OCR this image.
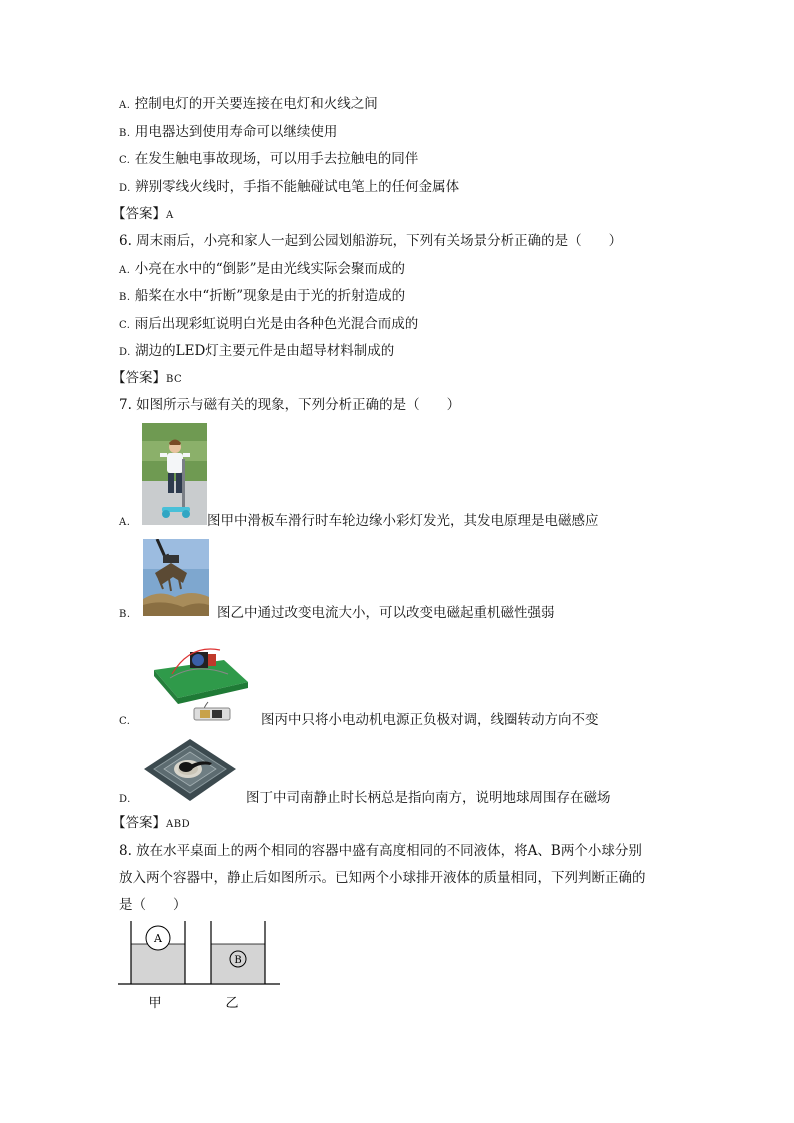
A. 控制电灯的开关要连接在电灯和火线之间
B. 用电器达到使用寿命可以继续使用
C. 在发生触电事故现场，可以用手去拉触电的同伴
D. 辨别零线火线时，手指不能触碰试电笔上的任何金属体
【答案】A
6. 周末雨后，小亮和家人一起到公园划船游玩，下列有关场景分析正确的是（　　）
A. 小亮在水中的“倒影”是由光线实际会聚而成的
B. 船桨在水中“折断”现象是由于光的折射造成的
C. 雨后出现彩虹说明白光是由各种色光混合而成的
D. 湖边的LED灯主要元件是由超导材料制成的
【答案】BC
7. 如图所示与磁有关的现象，下列分析正确的是（　　）
A.	图甲中滑板车滑行时车轮边缘小彩灯发光，其发电原理是电磁感应
B.	图乙中通过改变电流大小，可以改变电磁起重机磁性强弱
C.	图丙中只将小电动机电源正负极对调，线圈转动方向不变
D.	图丁中司南静止时长柄总是指向南方，说明地球周围存在磁场
【答案】ABD
8. 放在水平桌面上的两个相同的容器中盛有高度相同的不同液体，将A、B两个小球分别
放入两个容器中，静止后如图所示。已知两个小球排开液体的质量相同，下列判断正确的
是（　　）
A
B
甲	乙
